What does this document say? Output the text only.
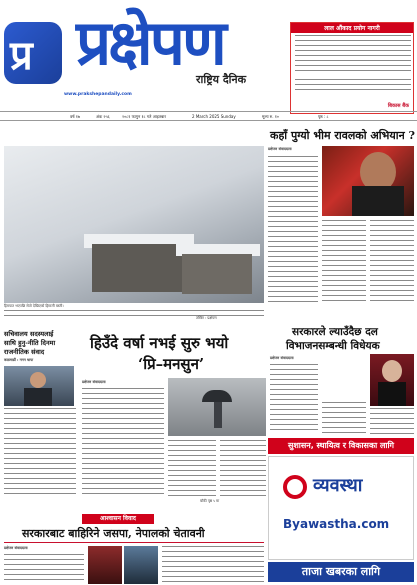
प्र प्रक्षेपण
राष्ट्रिय दैनिक
www.prakshepandaily.com
लाल औंकाद प्रयोग नागरी
बिकास बैंक
वर्ष १७	अंक २५६	२०८१ फागुन १८ गते आइतबार	2 March 2025 Sunday	मूल्य रु. १०	पृष्ठ : ८
कहाँ पुग्यो भीम रावलको अभियान ?
प्रक्षेपण संवाददाता
हिमपात भएपछि सेतो देखिएको हिमाली बस्ती।
तस्बिर : प्रक्षेपण
सरकारले ल्याउँदैछ दल
विभाजनसम्बन्धी विधेयक
सचिवालय सदस्यलाई
साथि हुनु-नीति दिनमा
राजनीतिक संवाद
काठमाडौं : गगन थापा
हिउँदे वर्षा नभई सुरु भयो
‘प्रि–मनसुन’
प्रक्षेपण संवाददाता
बाँकी पृष्ठ ५ मा
प्रक्षेपण संवाददाता
सुशासन, स्थायित्व र विकासका लागि
व्यवस्था
Byawastha.com
ताजा खबरका लागि
आश्वासन विवाद
सरकारबाट बाहिरिने जसपा, नेपालको चेतावनी
प्रक्षेपण संवाददाता
